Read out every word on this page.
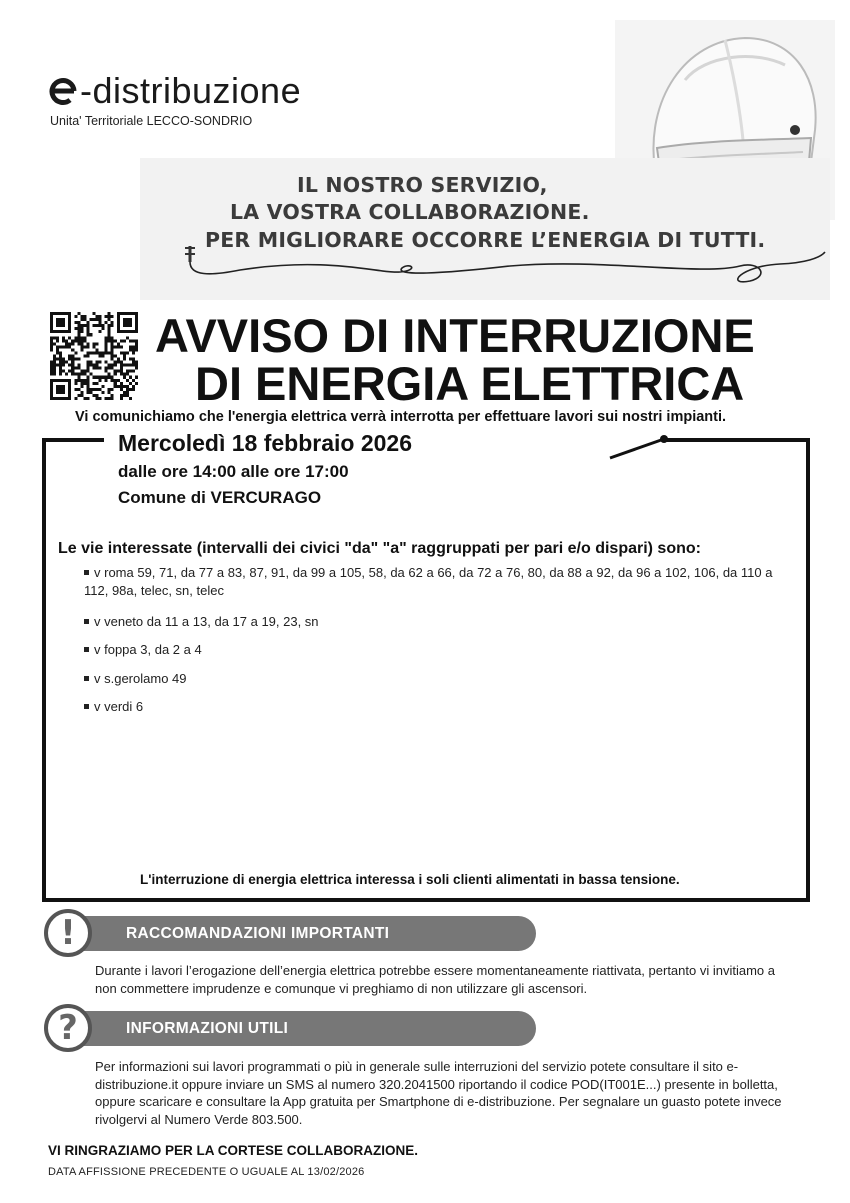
-distribuzione
Unita' Territoriale LECCO-SONDRIO
IL NOSTRO SERVIZIO,
LA VOSTRA COLLABORAZIONE.
PER MIGLIORARE OCCORRE L’ENERGIA DI TUTTI.
AVVISO DI INTERRUZIONE
DI ENERGIA ELETTRICA
Vi comunichiamo che l'energia elettrica verrà interrotta per effettuare lavori sui nostri impianti.
Mercoledì 18 febbraio 2026
dalle ore 14:00 alle ore 17:00
Comune di VERCURAGO
Le vie interessate (intervalli dei civici "da" "a" raggruppati per pari e/o dispari) sono:
v roma 59, 71, da 77 a 83, 87, 91, da 99 a 105, 58, da 62 a 66, da 72 a 76, 80, da 88 a 92, da 96 a 102, 106, da 110 a 112, 98a, telec, sn, telec
v veneto da 11 a 13, da 17 a 19, 23, sn
v foppa 3, da 2 a 4
v s.gerolamo 49
v verdi 6
L'interruzione di energia elettrica interessa i soli clienti alimentati in bassa tensione.
RACCOMANDAZIONI IMPORTANTI
!
Durante i lavori l’erogazione dell’energia elettrica potrebbe essere momentaneamente riattivata, pertanto vi invitiamo a non commettere imprudenze e comunque vi preghiamo di non utilizzare gli ascensori.
INFORMAZIONI UTILI
?
Per informazioni sui lavori programmati o più in generale sulle interruzioni del servizio potete consultare il sito e-distribuzione.it oppure inviare un SMS al numero 320.2041500 riportando il codice POD(IT001E...) presente in bolletta, oppure scaricare e consultare la App gratuita per Smartphone di e-distribuzione. Per segnalare un guasto potete invece rivolgervi al Numero Verde 803.500.
VI RINGRAZIAMO PER LA CORTESE COLLABORAZIONE.
DATA AFFISSIONE PRECEDENTE O UGUALE AL 13/02/2026
